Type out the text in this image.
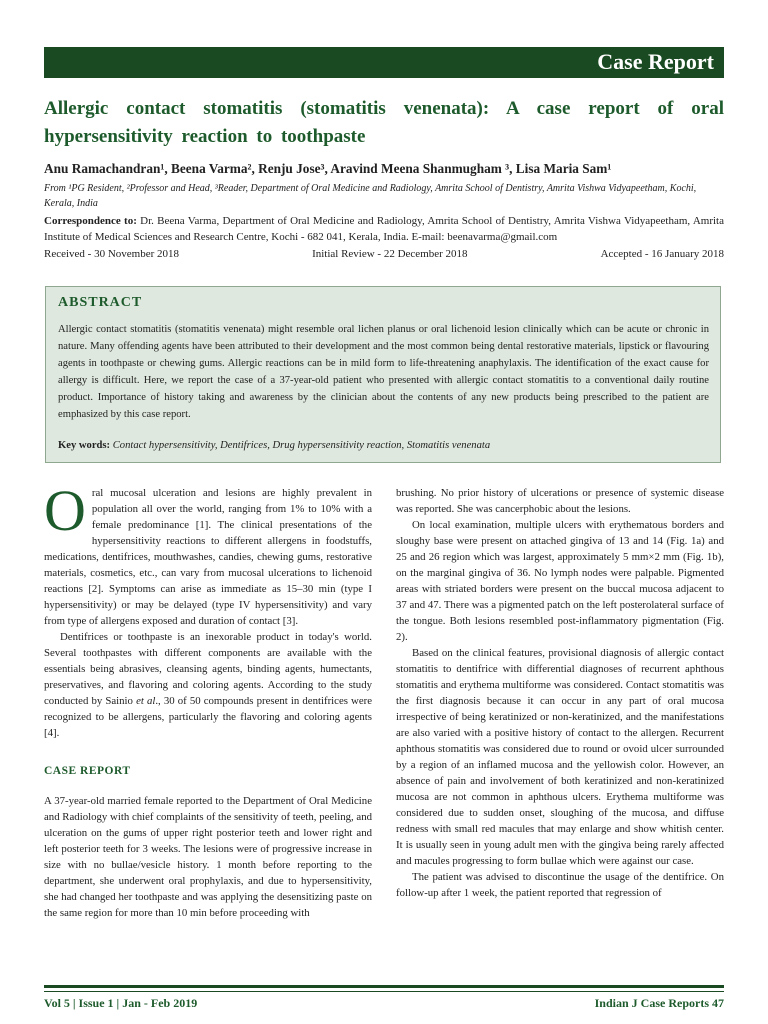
Case Report
Allergic contact stomatitis (stomatitis venenata): A case report of oral hypersensitivity reaction to toothpaste
Anu Ramachandran¹, Beena Varma², Renju Jose³, Aravind Meena Shanmugham ³, Lisa Maria Sam¹
From ¹PG Resident, ²Professor and Head, ³Reader, Department of Oral Medicine and Radiology, Amrita School of Dentistry, Amrita Vishwa Vidyapeetham, Kochi, Kerala, India
Correspondence to: Dr. Beena Varma, Department of Oral Medicine and Radiology, Amrita School of Dentistry, Amrita Vishwa Vidyapeetham, Amrita Institute of Medical Sciences and Research Centre, Kochi - 682 041, Kerala, India. E-mail: beenavarma@gmail.com
Received - 30 November 2018	Initial Review - 22 December 2018	Accepted - 16 January 2018
ABSTRACT

Allergic contact stomatitis (stomatitis venenata) might resemble oral lichen planus or oral lichenoid lesion clinically which can be acute or chronic in nature. Many offending agents have been attributed to their development and the most common being dental restorative materials, lipstick or flavouring agents in toothpaste or chewing gums. Allergic reactions can be in mild form to life-threatening anaphylaxis. The identification of the exact cause for allergy is difficult. Here, we report the case of a 37-year-old patient who presented with allergic contact stomatitis to a conventional daily routine product. Importance of history taking and awareness by the clinician about the contents of any new products being prescribed to the patient are emphasized by this case report.

Key words: Contact hypersensitivity, Dentifrices, Drug hypersensitivity reaction, Stomatitis venenata

Oral mucosal ulceration and lesions are highly prevalent in population all over the world, ranging from 1% to 10% with a female predominance [1]. The clinical presentations of the hypersensitivity reactions to different allergens in foodstuffs, medications, dentifrices, mouthwashes, candies, chewing gums, restorative materials, cosmetics, etc., can vary from mucosal ulcerations to lichenoid reactions [2]. Symptoms can arise as immediate as 15–30 min (type I hypersensitivity) or may be delayed (type IV hypersensitivity) and vary from type of allergens exposed and duration of contact [3].

Dentifrices or toothpaste is an inexorable product in today's world. Several toothpastes with different components are available with the essentials being abrasives, cleansing agents, binding agents, humectants, preservatives, and flavoring and coloring agents. According to the study conducted by Sainio et al., 30 of 50 compounds present in dentifrices were recognized to be allergens, particularly the flavoring and coloring agents [4].

CASE REPORT

A 37-year-old married female reported to the Department of Oral Medicine and Radiology with chief complaints of the sensitivity of teeth, peeling, and ulceration on the gums of upper right posterior teeth and lower right and left posterior teeth for 3 weeks. The lesions were of progressive increase in size with no bullae/vesicle history. 1 month before reporting to the department, she underwent oral prophylaxis, and due to hypersensitivity, she had changed her toothpaste and was applying the desensitizing paste on the same region for more than 10 min before proceeding with

brushing. No prior history of ulcerations or presence of systemic disease was reported. She was cancerphobic about the lesions.

On local examination, multiple ulcers with erythematous borders and sloughy base were present on attached gingiva of 13 and 14 (Fig. 1a) and 25 and 26 region which was largest, approximately 5 mm×2 mm (Fig. 1b), on the marginal gingiva of 36. No lymph nodes were palpable. Pigmented areas with striated borders were present on the buccal mucosa adjacent to 37 and 47. There was a pigmented patch on the left posterolateral surface of the tongue. Both lesions resembled post-inflammatory pigmentation (Fig. 2).

Based on the clinical features, provisional diagnosis of allergic contact stomatitis to dentifrice with differential diagnoses of recurrent aphthous stomatitis and erythema multiforme was considered. Contact stomatitis was the first diagnosis because it can occur in any part of oral mucosa irrespective of being keratinized or non-keratinized, and the manifestations are also varied with a positive history of contact to the allergen. Recurrent aphthous stomatitis was considered due to round or ovoid ulcer surrounded by a region of an inflamed mucosa and the yellowish color. However, an absence of pain and involvement of both keratinized and non-keratinized mucosa are not common in aphthous ulcers. Erythema multiforme was considered due to sudden onset, sloughing of the mucosa, and diffuse redness with small red macules that may enlarge and show whitish center. It is usually seen in young adult men with the gingiva being rarely affected and macules progressing to form bullae which were against our case.

The patient was advised to discontinue the usage of the dentifrice. On follow-up after 1 week, the patient reported that regression of

Vol 5 | Issue 1 | Jan - Feb 2019	Indian J Case Reports 47
